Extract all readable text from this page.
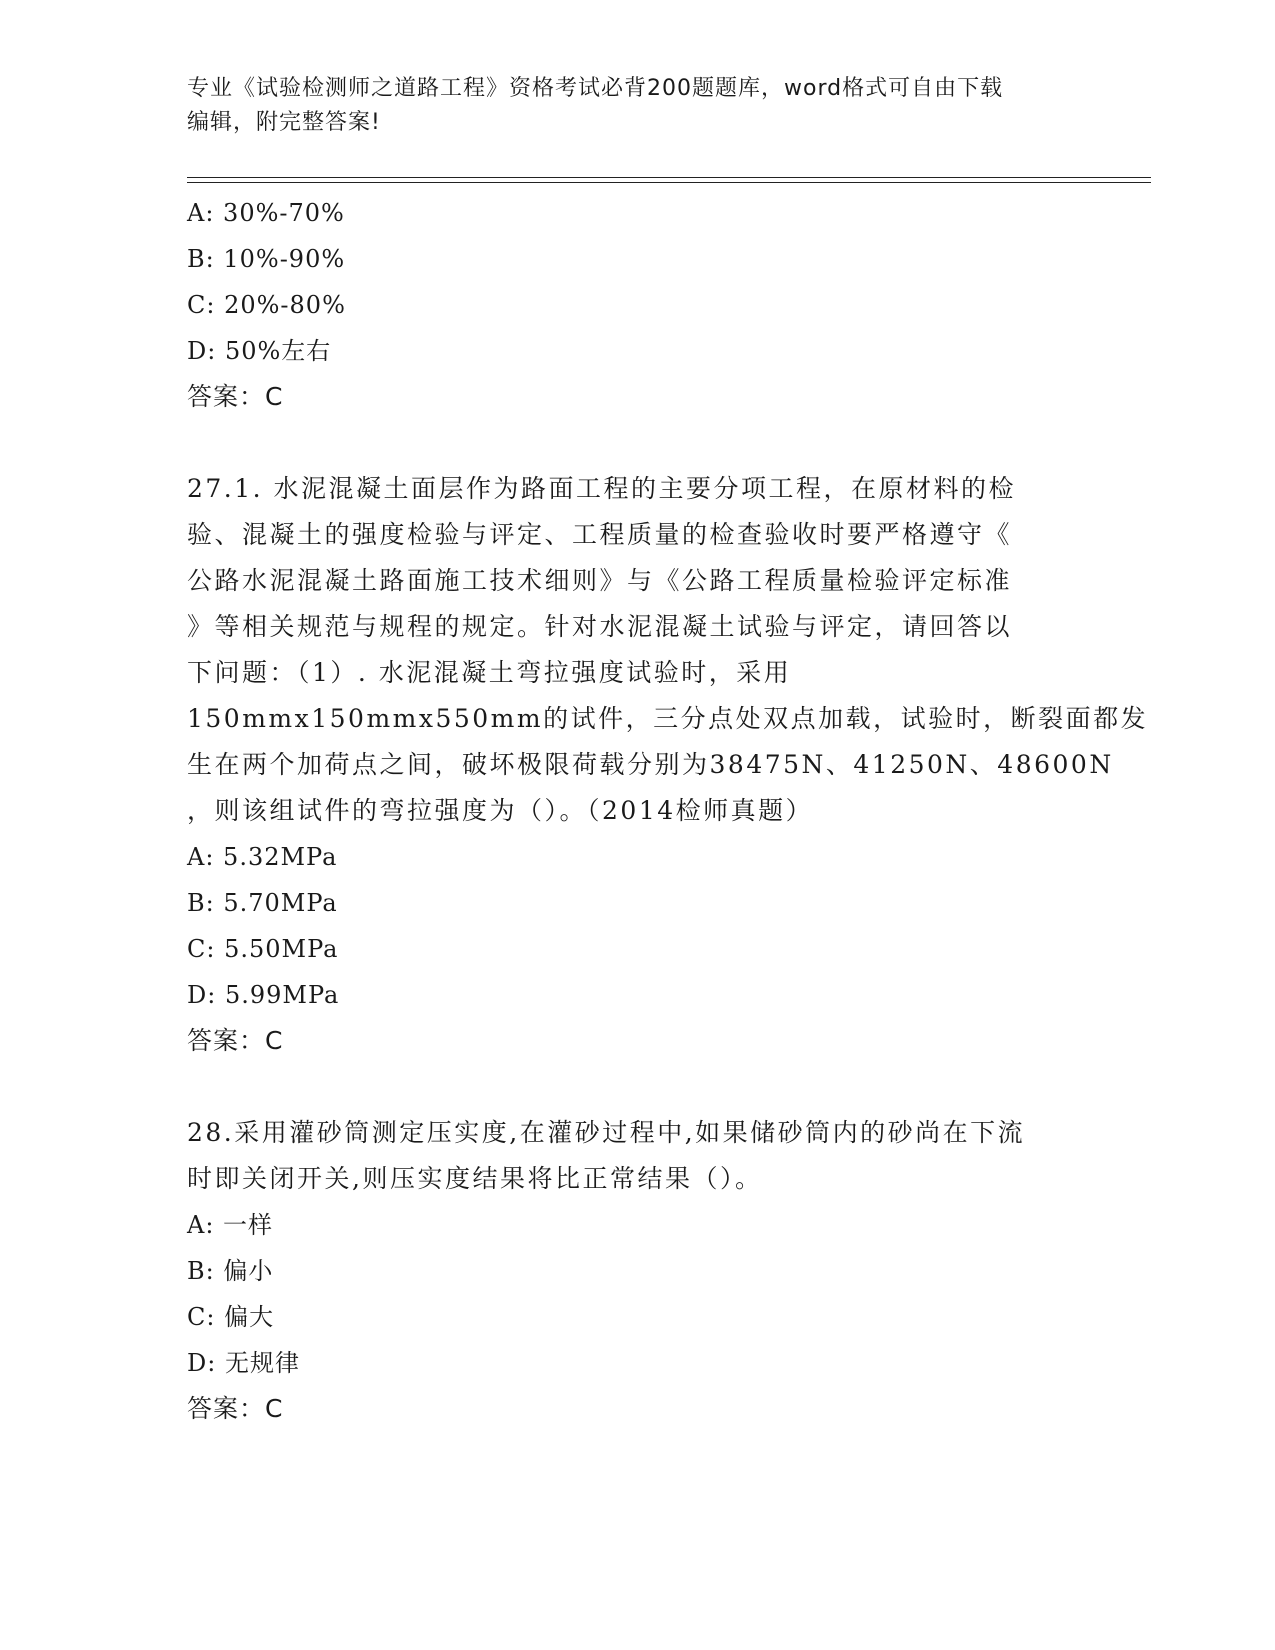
专业《试验检测师之道路工程》资格考试必背200题题库，word格式可自由下载
编辑，附完整答案!
A: 30%-70%
B: 10%-90%
C: 20%-80%
D: 50%左右
答案：C
27.1. 水泥混凝土面层作为路面工程的主要分项工程，在原材料的检
验、混凝土的强度检验与评定、工程质量的检查验收时要严格遵守《
公路水泥混凝土路面施工技术细则》与《公路工程质量检验评定标准
》等相关规范与规程的规定。针对水泥混凝土试验与评定，请回答以
下问题：（1）. 水泥混凝土弯拉强度试验时，采用
150mmx150mmx550mm的试件，三分点处双点加载，试验时，断裂面都发
生在两个加荷点之间，破坏极限荷载分别为38475N、41250N、48600N
，则该组试件的弯拉强度为（）。（2014检师真题）
A: 5.32MPa
B: 5.70MPa
C: 5.50MPa
D: 5.99MPa
答案：C
28.采用灌砂筒测定压实度,在灌砂过程中,如果储砂筒内的砂尚在下流
时即关闭开关,则压实度结果将比正常结果（）。
A: 一样
B: 偏小
C: 偏大
D: 无规律
答案：C
